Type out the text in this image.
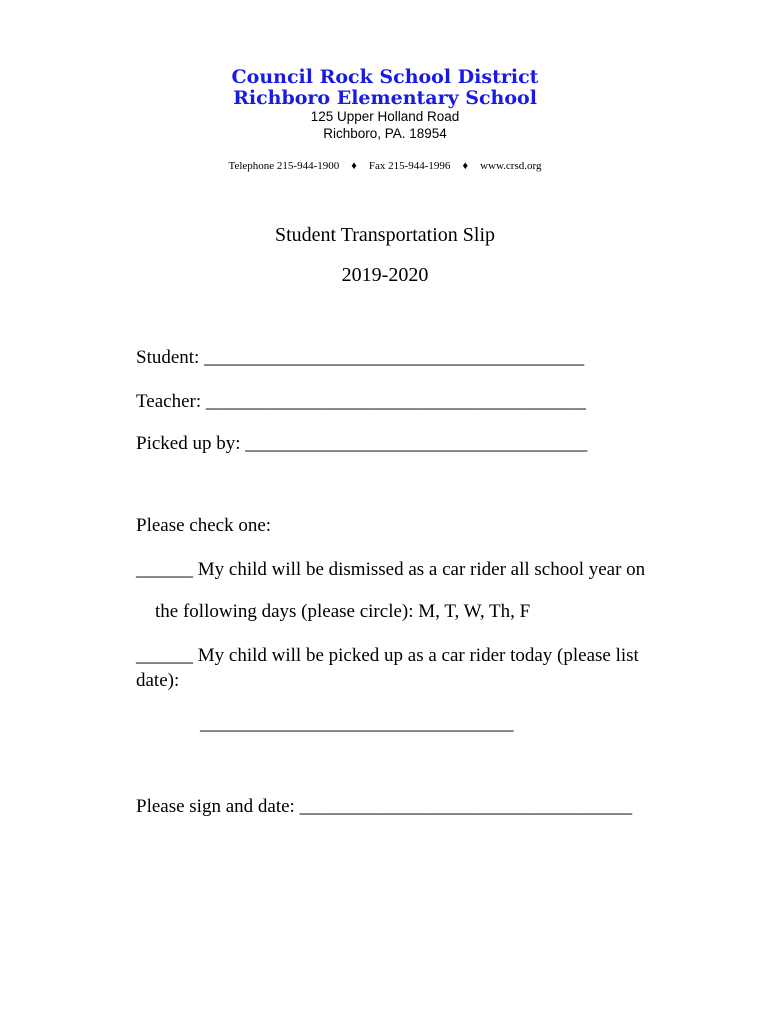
Council Rock School District
Richboro Elementary School
125 Upper Holland Road
Richboro, PA. 18954
Telephone 215-944-1900 ♦ Fax 215-944-1996 ♦ www.crsd.org
Student Transportation Slip
2019-2020
Student: ________________________________________
Teacher: ________________________________________
Picked up by: ____________________________________
Please check one:
______ My child will be dismissed as a car rider all school year on
the following days (please circle): M, T, W, Th, F
______ My child will be picked up as a car rider today (please list
date):
_________________________________
Please sign and date: ___________________________________
